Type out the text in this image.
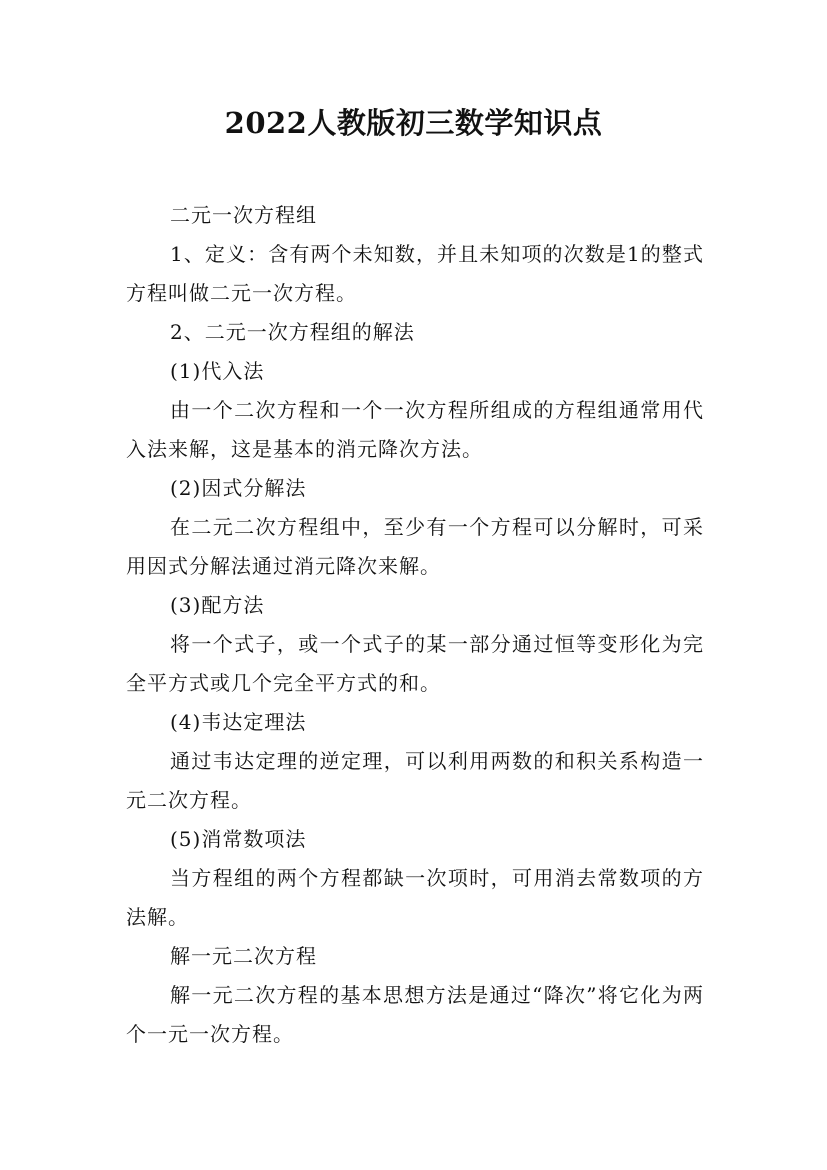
2022人教版初三数学知识点

二元一次方程组

1、定义：含有两个未知数，并且未知项的次数是1的整式方程叫做二元一次方程。

2、二元一次方程组的解法

(1)代入法

由一个二次方程和一个一次方程所组成的方程组通常用代入法来解，这是基本的消元降次方法。

(2)因式分解法

在二元二次方程组中，至少有一个方程可以分解时，可采用因式分解法通过消元降次来解。

(3)配方法

将一个式子，或一个式子的某一部分通过恒等变形化为完全平方式或几个完全平方式的和。

(4)韦达定理法

通过韦达定理的逆定理，可以利用两数的和积关系构造一元二次方程。

(5)消常数项法

当方程组的两个方程都缺一次项时，可用消去常数项的方法解。

解一元二次方程

解一元二次方程的基本思想方法是通过“降次”将它化为两个一元一次方程。
